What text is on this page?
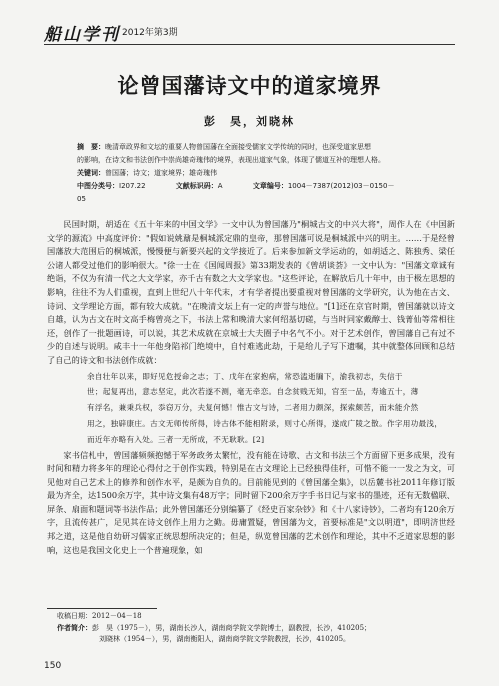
船山学刊 2012年第3期
论曾国藩诗文中的道家境界
彭　昊，刘晓林

摘　要：晚清章政界和文坛的重要人物曾国藩在全面接受儒家文学传统的同时，也深受道家思想

的影响，在诗文和书法创作中崇尚雄奇瑰伟的境界，表现出道家气象，体现了儒道互补的理想人格。

关键词：曾国藩；诗文；道家境界；雄奇瑰伟

中图分类号：I207.22	文献标识码：A	文章编号：1004－7387(2012)03－0150－05

民国时期，胡适在《五十年来的中国文学》一文中认为曾国藩乃"桐城古文的中兴大将"，周作人在《中国新文学的源流》中高度评价："假如说姚鼐是桐城派定鼎的皇帝，那曾国藩可说是桐城派中兴的明主。……于是经曾国藩放大范围后的桐城派，慢慢便与新要兴起的文学接近了。后来参加新文学运动的，如胡适之、陈独秀、梁任公诸人都受过他们的影响很大。"徐一士在《国闻周报》第33期发表的《曾胡谈荟》一文中认为："国藩文章诚有绝诣，不仅为有清一代之大文学家，亦千古有数之大文学家也。"这些评论，在解放后几十年中，由于极左思想的影响，往往不为人们重视，直到上世纪八十年代末，才有学者提出要重视对曾国藩的文学研究，认为他在古文、诗词、文学理论方面，都有较大成就。"在晚清文坛上有一定的声誉与地位。"[1]还在京官时期，曾国藩就以诗文自雄，认为古文在时文高手梅曾亮之下，书法上常和晚清大家何绍基切磋，与当时同家戴醇士、钱菁仙等常相往还，创作了一批题画诗，可以说，其艺术成就在京城士大夫圈子中名气不小。对于艺术创作，曾国藩自己有过不少的自述与说明。咸丰十一年他身陷祁门绝境中，自忖难逃此劫，于是给儿子写下遗嘱，其中就整体回顾和总结了自己的诗文和书法创作成就：

余自壮年以来，即好见危授命之志；丁、戊年在家抱病，常恐溘逝牖下，渝我初志，失信于

世；起复再出，意志坚定，此次若遂不测，毫无牵恋。自念贫贱无知，官至一品，寿逾五十，薄

有浮名，兼秉兵权，忝窃万分，夫复何憾！惟古文与诗，二者用力颇深，探索颇苦，而未能介然

用之，独辟康庄。古文无师传所得，诗古体不能相附录，则寸心所得，遂成广陵之散。作字用功最浅，

而近年亦略有入处。三者一无所成，不无耿耿。[2]

家书信札中，曾国藩频频抱憾于军务政务太繁忙，没有能在诗歌、古文和书法三个方面留下更多成果，没有时间和精力将多年的理论心得付之于创作实践，特别是在古文理论上已经独得佳秆，可惜不能一一发之为文，可见他对自己艺术上的修养和创作水平，是颇为自负的。目前能见到的《曾国藩全集》，以岳麓书社2011年修订版最为齐全，达1500余万字，其中诗文集有48万字；同时留下200余万字手书日记与家书的墨迹，还有无数楹联、屏条、扇面和题词等书法作品；此外曾国藩还分别编纂了《经史百家杂钞》和《十八家诗钞》，二者均有120余万字，且流传甚广，足见其在诗文创作上用力之勤。毋庸置疑，曾国藩为文，首要标准是"文以明道"，即明济世经邦之道，这是他自幼研习儒家正统思想所决定的；但是，纵览曾国藩的艺术创作和理论，其中不乏道家思想的影响，这也是我国文化史上一个普遍现象，如

收稿日期：2012－04－18
作者简介：彭　昊（1975－），男，湖南长沙人，湖南商学院文学院博士，副教授，长沙，410205；
刘晓林（1954－），男，湖南衡阳人，湖南商学院文学院教授，长沙，410205。
150
